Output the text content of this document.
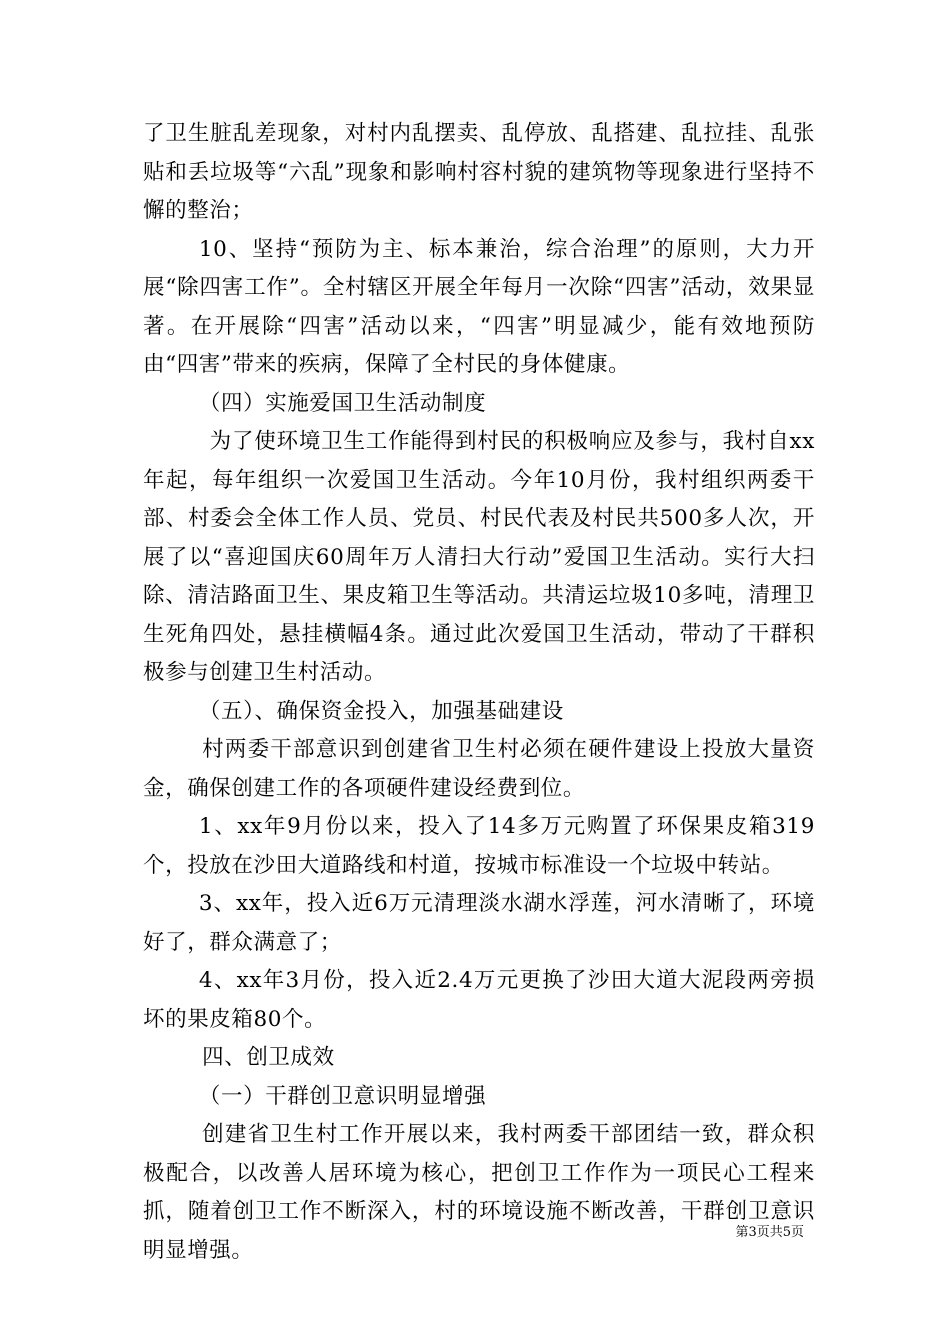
了卫生脏乱差现象，对村内乱摆卖、乱停放、乱搭建、乱拉挂、乱张贴和丢垃圾等“六乱”现象和影响村容村貌的建筑物等现象进行坚持不懈的整治；

10、坚持“预防为主、标本兼治，综合治理”的原则，大力开展“除四害工作”。全村辖区开展全年每月一次除“四害”活动，效果显著。在开展除“四害”活动以来，“四害”明显减少，能有效地预防由“四害”带来的疾病，保障了全村民的身体健康。

（四）实施爱国卫生活动制度

为了使环境卫生工作能得到村民的积极响应及参与，我村自xx年起，每年组织一次爱国卫生活动。今年10月份，我村组织两委干部、村委会全体工作人员、党员、村民代表及村民共500多人次，开展了以“喜迎国庆60周年万人清扫大行动”爱国卫生活动。实行大扫除、清洁路面卫生、果皮箱卫生等活动。共清运垃圾10多吨，清理卫生死角四处，悬挂横幅4条。通过此次爱国卫生活动，带动了干群积极参与创建卫生村活动。

（五）、确保资金投入，加强基础建设

村两委干部意识到创建省卫生村必须在硬件建设上投放大量资金，确保创建工作的各项硬件建设经费到位。

1、xx年9月份以来，投入了14多万元购置了环保果皮箱319个，投放在沙田大道路线和村道，按城市标准设一个垃圾中转站。

3、xx年，投入近6万元清理淡水湖水浮莲，河水清晰了，环境好了，群众满意了；

4、xx年3月份，投入近2.4万元更换了沙田大道大泥段两旁损坏的果皮箱80个。

四、创卫成效

（一）干群创卫意识明显增强

创建省卫生村工作开展以来，我村两委干部团结一致，群众积极配合，以改善人居环境为核心，把创卫工作作为一项民心工程来抓，随着创卫工作不断深入，村的环境设施不断改善，干群创卫意识明显增强。

第3页共5页
